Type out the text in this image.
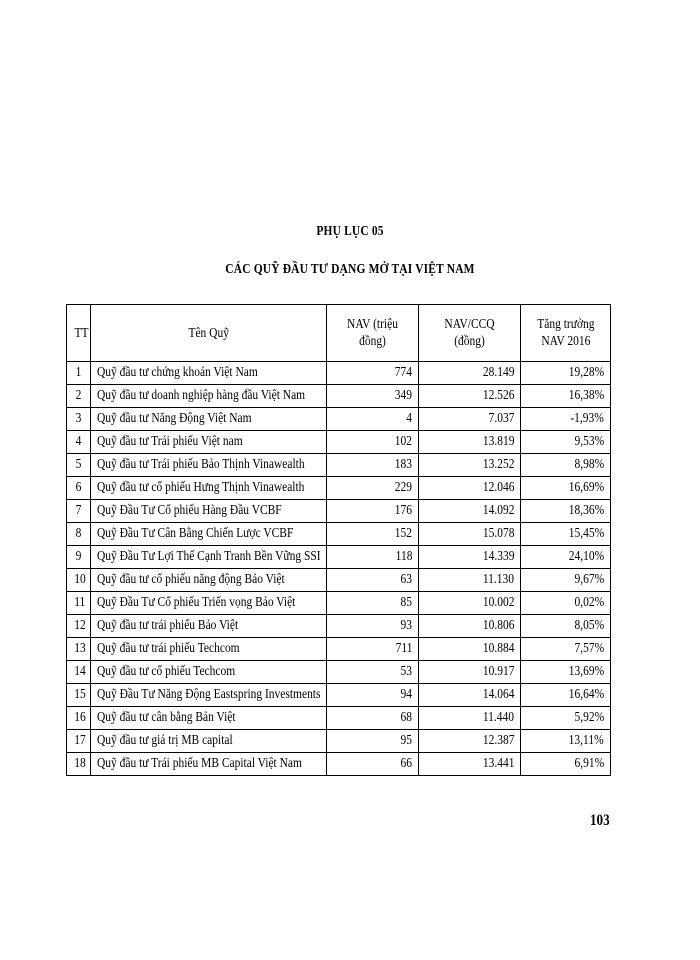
PHỤ LỤC 05
CÁC QUỸ ĐẦU TƯ DẠNG MỞ TẠI VIỆT NAM
TT	Tên Quỹ	NAV (triệu đồng)	NAV/CCQ (đồng)	Tăng trưởng
NAV 2016
1	Quỹ đầu tư chứng khoán Việt Nam	774	28.149	19,28%
2	Quỹ đầu tư doanh nghiệp hàng đầu Việt Nam	349	12.526	16,38%
3	Quỹ đầu tư Năng Động Việt Nam	4	7.037	-1,93%
4	Quỹ đầu tư Trái phiếu Việt nam	102	13.819	9,53%
5	Quỹ đầu tư Trái phiếu Bảo Thịnh Vinawealth	183	13.252	8,98%
6	Quỹ đầu tư cổ phiếu Hưng Thịnh Vinawealth	229	12.046	16,69%
7	Quỹ Đầu Tư Cổ phiếu Hàng Đầu VCBF	176	14.092	18,36%
8	Quỹ Đầu Tư Cân Bằng Chiến Lược VCBF	152	15.078	15,45%
9	Quỹ Đầu Tư Lợi Thế Cạnh Tranh Bền Vững SSI	118	14.339	24,10%
10	Quỹ đầu tư cổ phiếu năng động Bảo Việt	63	11.130	9,67%
11	Quỹ Đầu Tư Cổ phiếu Triển vọng Bảo Việt	85	10.002	0,02%
12	Quỹ đầu tư trái phiếu Bảo Việt	93	10.806	8,05%
13	Quỹ đầu tư trái phiếu Techcom	711	10.884	7,57%
14	Quỹ đầu tư cổ phiếu Techcom	53	10.917	13,69%
15	Quỹ Đầu Tư Năng Động Eastspring Investments	94	14.064	16,64%
16	Quỹ đầu tư cân bằng Bản Việt	68	11.440	5,92%
17	Quỹ đầu tư giá trị MB capital	95	12.387	13,11%
18	Quỹ đầu tư Trái phiếu MB Capital Việt Nam	66	13.441	6,91%
103
